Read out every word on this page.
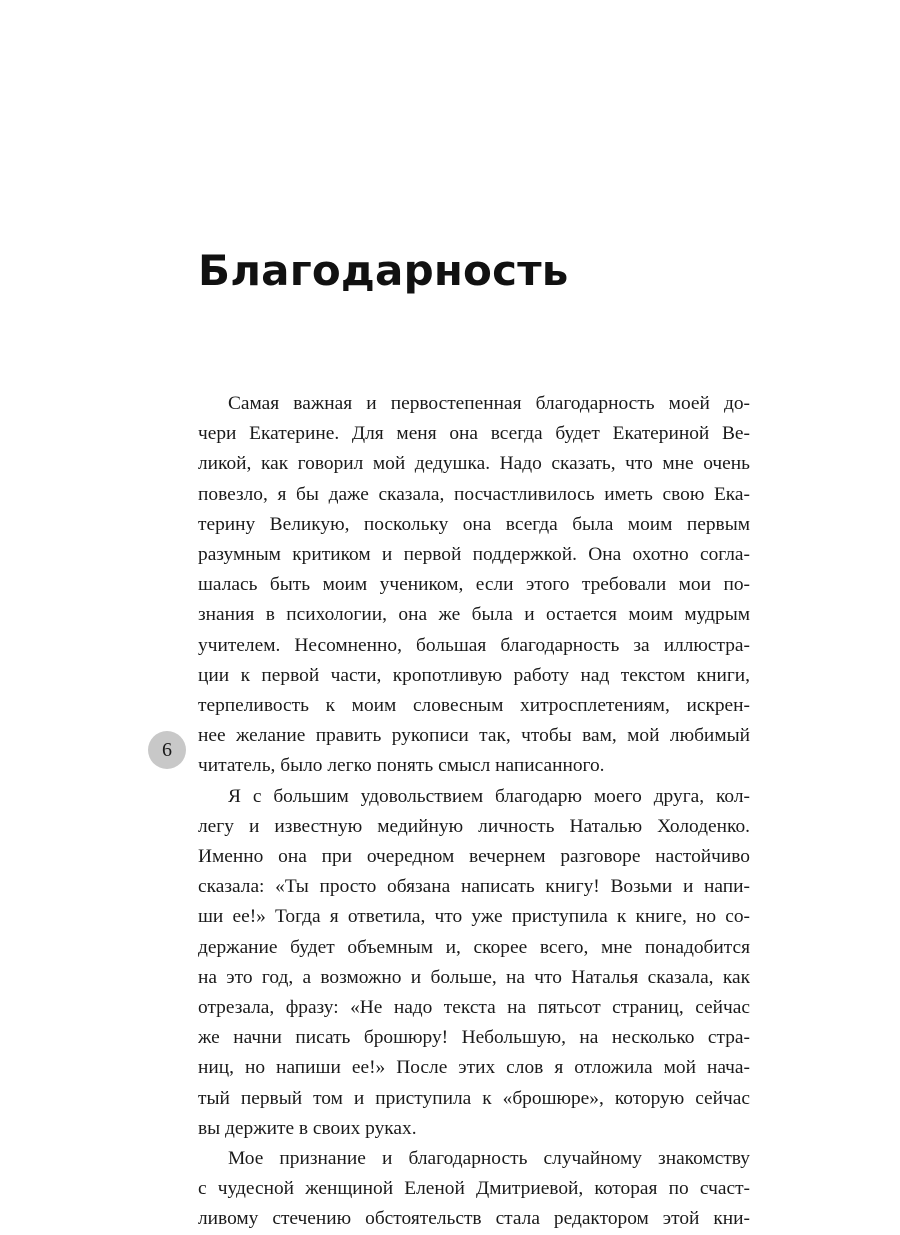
Благодарность

Самая важная и первостепенная благодарность моей до-
чери Екатерине. Для меня она всегда будет Екатериной Ве-
ликой, как говорил мой дедушка. Надо сказать, что мне очень
повезло, я бы даже сказала, посчастливилось иметь свою Ека-
терину Великую, поскольку она всегда была моим первым
разумным критиком и первой поддержкой. Она охотно согла-
шалась быть моим учеником, если этого требовали мои по-
знания в психологии, она же была и остается моим мудрым
учителем. Несомненно, большая благодарность за иллюстра-
ции к первой части, кропотливую работу над текстом книги,
терпеливость к моим словесным хитросплетениям, искрен-
нее желание править рукописи так, чтобы вам, мой любимый
читатель, было легко понять смысл написанного.

Я с большим удовольствием благодарю моего друга, кол-
легу и известную медийную личность Наталью Холоденко.
Именно она при очередном вечернем разговоре настойчиво
сказала: «Ты просто обязана написать книгу! Возьми и напи-
ши ее!» Тогда я ответила, что уже приступила к книге, но со-
держание будет объемным и, скорее всего, мне понадобится
на это год, а возможно и больше, на что Наталья сказала, как
отрезала, фразу: «Не надо текста на пятьсот страниц, сейчас
же начни писать брошюру! Небольшую, на несколько стра-
ниц, но напиши ее!» После этих слов я отложила мой нача-
тый первый том и приступила к «брошюре», которую сейчас
вы держите в своих руках.

Мое признание и благодарность случайному знакомству
с чудесной женщиной Еленой Дмитриевой, которая по счаст-
ливому стечению обстоятельств стала редактором этой кни-

6
